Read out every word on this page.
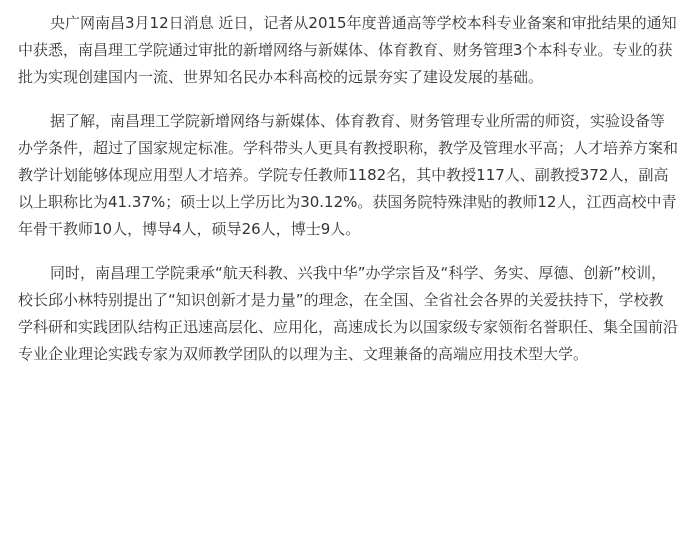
央广网南昌3月12日消息 近日，记者从2015年度普通高等学校本科专业备案和审批结果的通知中获悉，南昌理工学院通过审批的新增网络与新媒体、体育教育、财务管理3个本科专业。专业的获批为实现创建国内一流、世界知名民办本科高校的远景夯实了建设发展的基础。

据了解，南昌理工学院新增网络与新媒体、体育教育、财务管理专业所需的师资，实验设备等办学条件，超过了国家规定标准。学科带头人更具有教授职称，教学及管理水平高；人才培养方案和教学计划能够体现应用型人才培养。学院专任教师1182名，其中教授117人、副教授372人，副高以上职称比为41.37%；硕士以上学历比为30.12%。获国务院特殊津贴的教师12人，江西高校中青年骨干教师10人，博导4人，硕导26人，博士9人。

同时，南昌理工学院秉承“航天科教、兴我中华”办学宗旨及“科学、务实、厚德、创新”校训，校长邱小林特别提出了“知识创新才是力量”的理念，在全国、全省社会各界的关爱扶持下，学校教学科研和实践团队结构正迅速高层化、应用化，高速成长为以国家级专家领衔名誉职任、集全国前沿专业企业理论实践专家为双师教学团队的以理为主、文理兼备的高端应用技术型大学。
